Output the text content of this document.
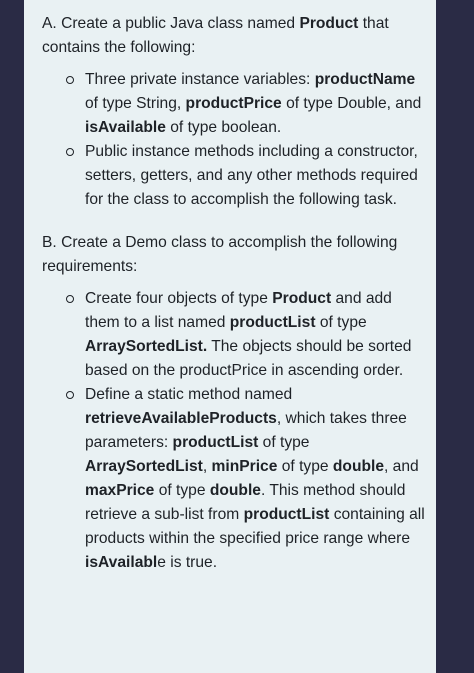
A. Create a public Java class named Product that contains the following:

Three private instance variables: productName of type String, productPrice of type Double, and isAvailable of type boolean.
Public instance methods including a constructor, setters, getters, and any other methods required for the class to accomplish the following task.

B. Create a Demo class to accomplish the following requirements:

Create four objects of type Product and add them to a list named productList of type ArraySortedList. The objects should be sorted based on the productPrice in ascending order.
Define a static method named retrieveAvailableProducts, which takes three parameters: productList of type ArraySortedList, minPrice of type double, and maxPrice of type double. This method should retrieve a sub-list from productList containing all products within the specified price range where isAvailable is true.
